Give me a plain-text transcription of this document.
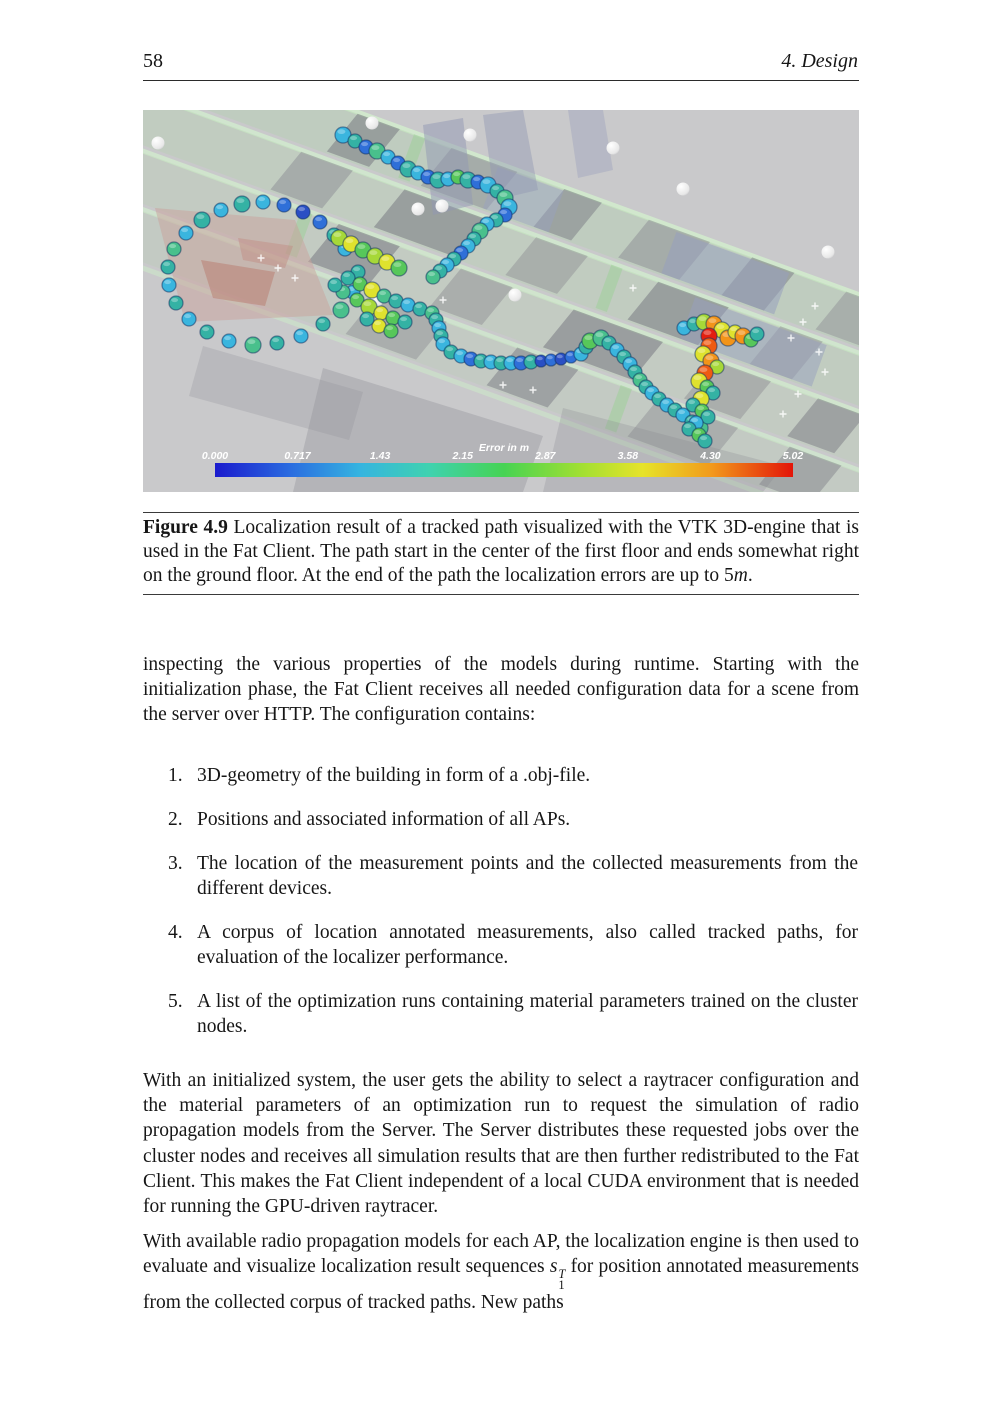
58	4. Design
Error in m
0.000	0.717	1.43	2.15	2.87	3.58	4.30	5.02

Figure 4.9 Localization result of a tracked path visualized with the VTK 3D-engine that is used in the Fat Client. The path start in the center of the first floor and ends somewhat right on the ground floor. At the end of the path the localization errors are up to 5m.

inspecting the various properties of the models during runtime. Starting with the initialization phase, the Fat Client receives all needed configuration data for a scene from the server over HTTP. The configuration contains:

1. 3D-geometry of the building in form of a .obj-file.
2. Positions and associated information of all APs.
3. The location of the measurement points and the collected measurements from the different devices.
4. A corpus of location annotated measurements, also called tracked paths, for evaluation of the localizer performance.
5. A list of the optimization runs containing material parameters trained on the cluster nodes.

With an initialized system, the user gets the ability to select a raytracer configuration and the material parameters of an optimization run to request the simulation of radio propagation models from the Server. The Server distributes these requested jobs over the cluster nodes and receives all simulation results that are then further redistributed to the Fat Client. This makes the Fat Client independent of a local CUDA environment that is needed for running the GPU-driven raytracer.

With available radio propagation models for each AP, the localization engine is then used to evaluate and visualize localization result sequences s T
1
for position annotated measurements from the collected corpus of tracked paths. New paths
